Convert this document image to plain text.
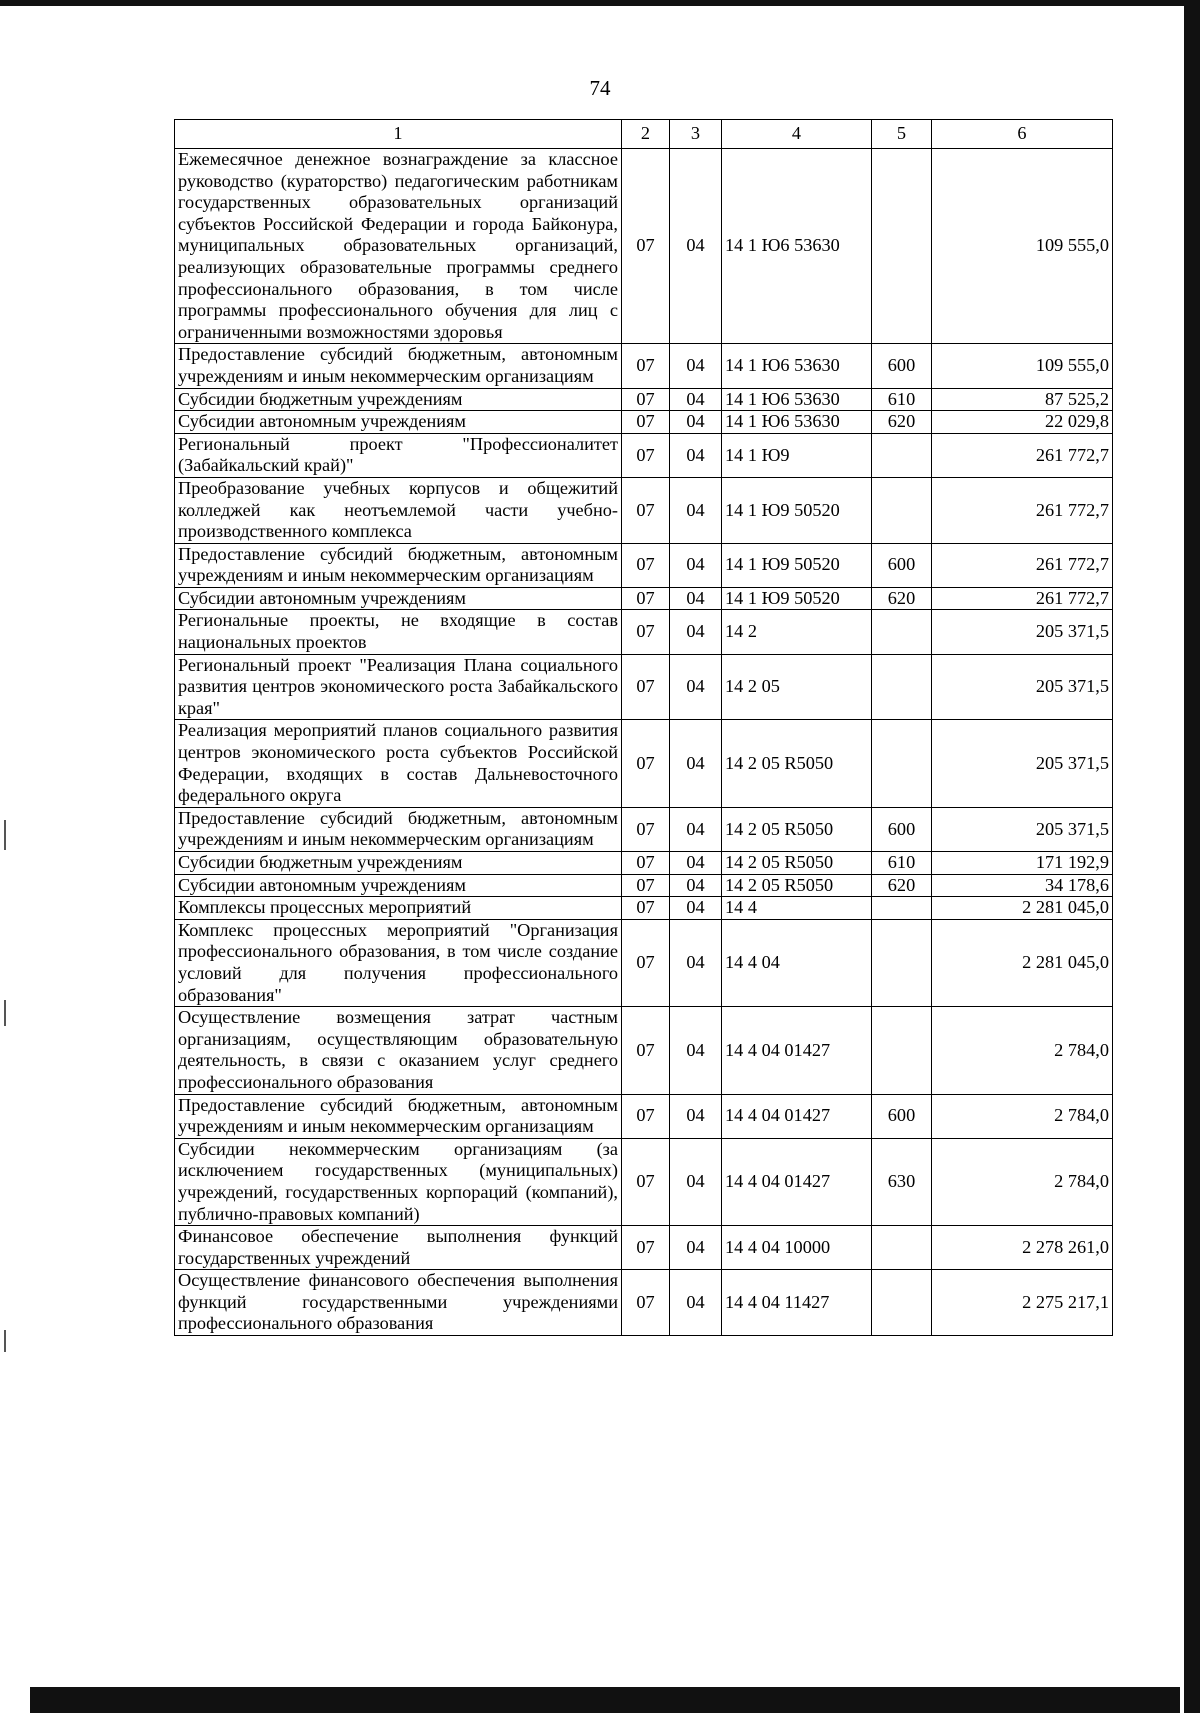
74
1	2	3	4	5	6
Ежемесячное денежное вознаграждение за классное руководство (кураторство) педагогическим работникам государственных образовательных организаций субъектов Российской Федерации и города Байконура, муниципальных образовательных организаций, реализующих образовательные программы среднего профессионального образования, в том числе программы профессионального обучения для лиц с ограниченными возможностями здоровья	07	04	14 1 Ю6 53630		109 555,0
Предоставление субсидий бюджетным, автономным учреждениям и иным некоммерческим организациям	07	04	14 1 Ю6 53630	600	109 555,0
Субсидии бюджетным учреждениям	07	04	14 1 Ю6 53630	610	87 525,2
Субсидии автономным учреждениям	07	04	14 1 Ю6 53630	620	22 029,8
Региональный проект "Профессионалитет (Забайкальский край)"	07	04	14 1 Ю9		261 772,7
Преобразование учебных корпусов и общежитий колледжей как неотъемлемой части учебно-производственного комплекса	07	04	14 1 Ю9 50520		261 772,7
Предоставление субсидий бюджетным, автономным учреждениям и иным некоммерческим организациям	07	04	14 1 Ю9 50520	600	261 772,7
Субсидии автономным учреждениям	07	04	14 1 Ю9 50520	620	261 772,7
Региональные проекты, не входящие в состав национальных проектов	07	04	14 2		205 371,5
Региональный проект "Реализация Плана социального развития центров экономического роста Забайкальского края"	07	04	14 2 05		205 371,5
Реализация мероприятий планов социального развития центров экономического роста субъектов Российской Федерации, входящих в состав Дальневосточного федерального округа	07	04	14 2 05 R5050		205 371,5
Предоставление субсидий бюджетным, автономным учреждениям и иным некоммерческим организациям	07	04	14 2 05 R5050	600	205 371,5
Субсидии бюджетным учреждениям	07	04	14 2 05 R5050	610	171 192,9
Субсидии автономным учреждениям	07	04	14 2 05 R5050	620	34 178,6
Комплексы процессных мероприятий	07	04	14 4		2 281 045,0
Комплекс процессных мероприятий "Организация профессионального образования, в том числе создание условий для получения профессионального образования"	07	04	14 4 04		2 281 045,0
Осуществление возмещения затрат частным организациям, осуществляющим образовательную деятельность, в связи с оказанием услуг среднего профессионального образования	07	04	14 4 04 01427		2 784,0
Предоставление субсидий бюджетным, автономным учреждениям и иным некоммерческим организациям	07	04	14 4 04 01427	600	2 784,0
Субсидии некоммерческим организациям (за исключением государственных (муниципальных) учреждений, государственных корпораций (компаний), публично-правовых компаний)	07	04	14 4 04 01427	630	2 784,0
Финансовое обеспечение выполнения функций государственных учреждений	07	04	14 4 04 10000		2 278 261,0
Осуществление финансового обеспечения выполнения функций государственными учреждениями профессионального образования	07	04	14 4 04 11427		2 275 217,1
